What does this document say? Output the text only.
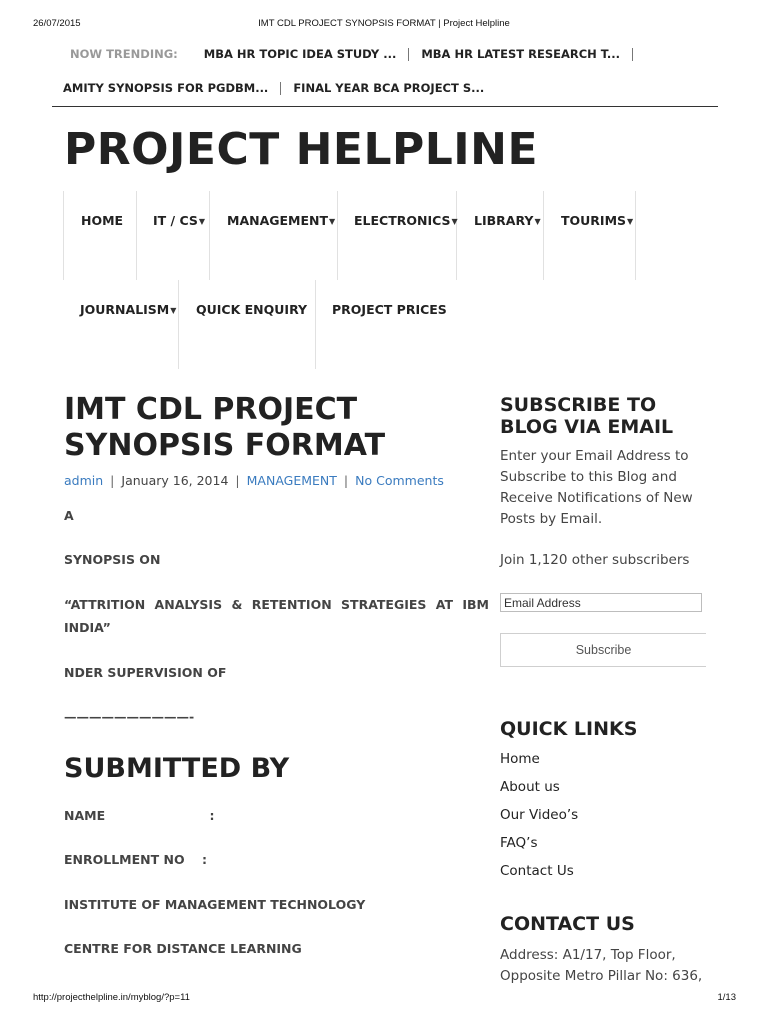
26/07/2015	IMT CDL PROJECT SYNOPSIS FORMAT | Project Helpline
NOW TRENDING: MBA HR TOPIC IDEA STUDY ... MBA HR LATEST RESEARCH T...
AMITY SYNOPSIS FOR PGDBM... FINAL YEAR BCA PROJECT S...
PROJECT HELPLINE
HOME	IT / CS▼	MANAGEMENT▼	ELECTRONICS▼	LIBRARY▼	TOURIMS▼
JOURNALISM▼	QUICK ENQUIRY	PROJECT PRICES
IMT CDL PROJECT SYNOPSIS FORMAT
admin | January 16, 2014 | MANAGEMENT | No Comments

A

SYNOPSIS ON

“ATTRITION ANALYSIS & RETENTION STRATEGIES AT IBM INDIA”

NDER SUPERVISION OF

——————————-

SUBMITTED BY

NAME                        :

ENROLLMENT NO    :

INSTITUTE OF MANAGEMENT TECHNOLOGY

CENTRE FOR DISTANCE LEARNING

SUBSCRIBE TO BLOG VIA EMAIL

Enter your Email Address to Subscribe to this Blog and Receive Notifications of New Posts by Email.

Join 1,120 other subscribers

Email Address
Subscribe
QUICK LINKS
Home
About us
Our Video’s
FAQ’s
Contact Us
CONTACT US

Address: A1/17, Top Floor, Opposite Metro Pillar No: 636,

http://projecthelpline.in/myblog/?p=11	1/13
